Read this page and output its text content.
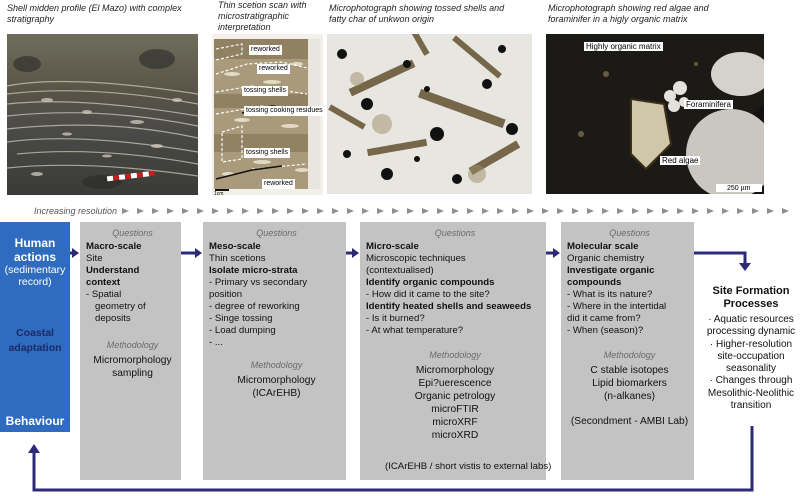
Shell midden profile (El Mazo) with complex
stratigraphy
Thin scetion scan with
microstratigraphic
interpretation
Microphotograph showing tossed shells and
fatty char of unkwon origin
Microphotograph showing red algae and
foraminifer in a higly organic matrix
reworked
reworked
tossing shells
tossing cooking residues
tossing shells
reworked
1cm
Highly organic matrix
Foraminifera
Red algae
250 µm
Increasing resolution
Human
actions
(sedimentary
record)
Coastal
adaptation
Behaviour
Questions
Macro-scale
Site
Understand
context
- Spatial
geometry of
deposits
Methodology
Micromorphology
sampling
Questions
Meso-scale
Thin scetions
Isolate micro-strata
- Primary vs secondary
position
- degree of reworking
- Singe tossing
- Load dumping
- ...
Methodology
Micromorphology
(ICArEHB)
Questions
Micro-scale
Microscopic techniques
(contextualised)
Identify organic compounds
- How did it came to the site?
Identify heated shells and seaweeds
- Is it burned?
- At what temperature?
Methodology
Micromorphology
Epi?uerescence
Organic petrology
microFTIR
microXRF
microXRD
(ICArEHB / short vistis to external labs)
Questions
Molecular scale
Organic chemistry
Investigate organic
compounds
- What is its nature?
- Where in the intertidal
did it came from?
- When (season)?
Methodology
C stable isotopes
Lipid biomarkers
(n-alkanes)
(Secondment - AMBI Lab)
Site Formation
Processes
· Aquatic resources
processing dynamic
· Higher-resolution
site-occupation
seasonality
· Changes through
Mesolithic-Neolithic
transition
